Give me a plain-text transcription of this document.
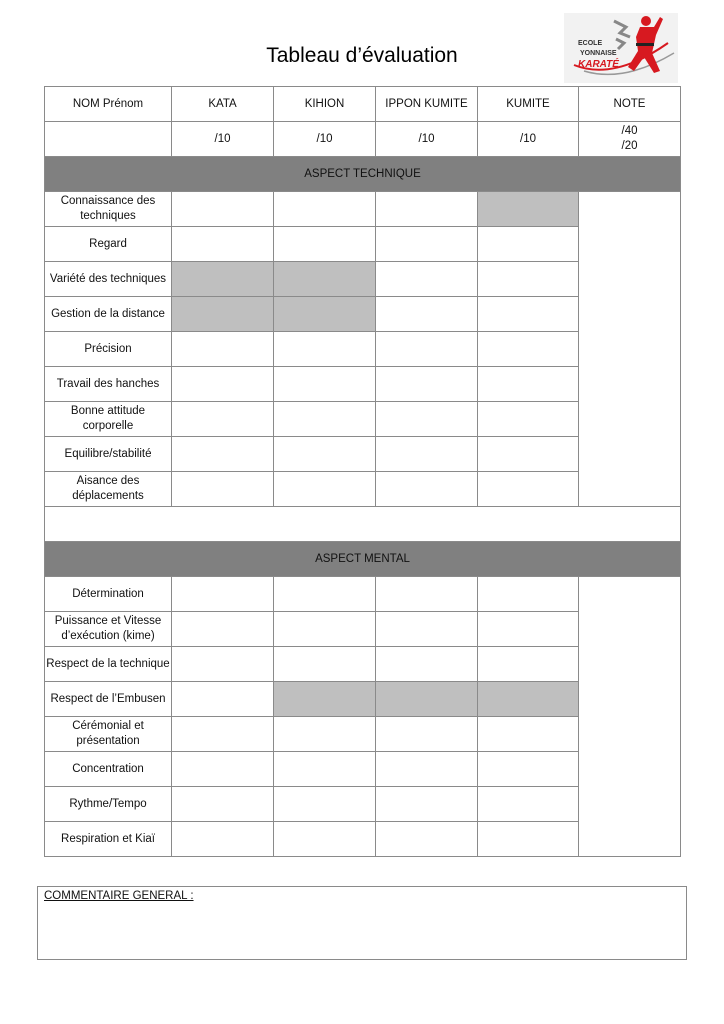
Tableau d’évaluation
ECOLE
YONNAISE
KARATÉ
NOM Prénom	KATA	KIHION	IPPON KUMITE	KUMITE	NOTE
	/10	/10	/10	/10	/40
/20

ASPECT TECHNIQUE					
Connaissance des techniques					
Regard					
Variété des techniques					
Gestion de la distance					
Précision					
Travail des hanches					
Bonne attitude corporelle					
Equilibre/stabilité					
Aisance des déplacements					

ASPECT MENTAL					
Détermination					
Puissance et Vitesse d’exécution (kime)					
Respect de la technique					
Respect de l’Embusen					
Cérémonial et présentation					
Concentration					
Rythme/Tempo					
Respiration et Kiaï					
COMMENTAIRE GENERAL :
